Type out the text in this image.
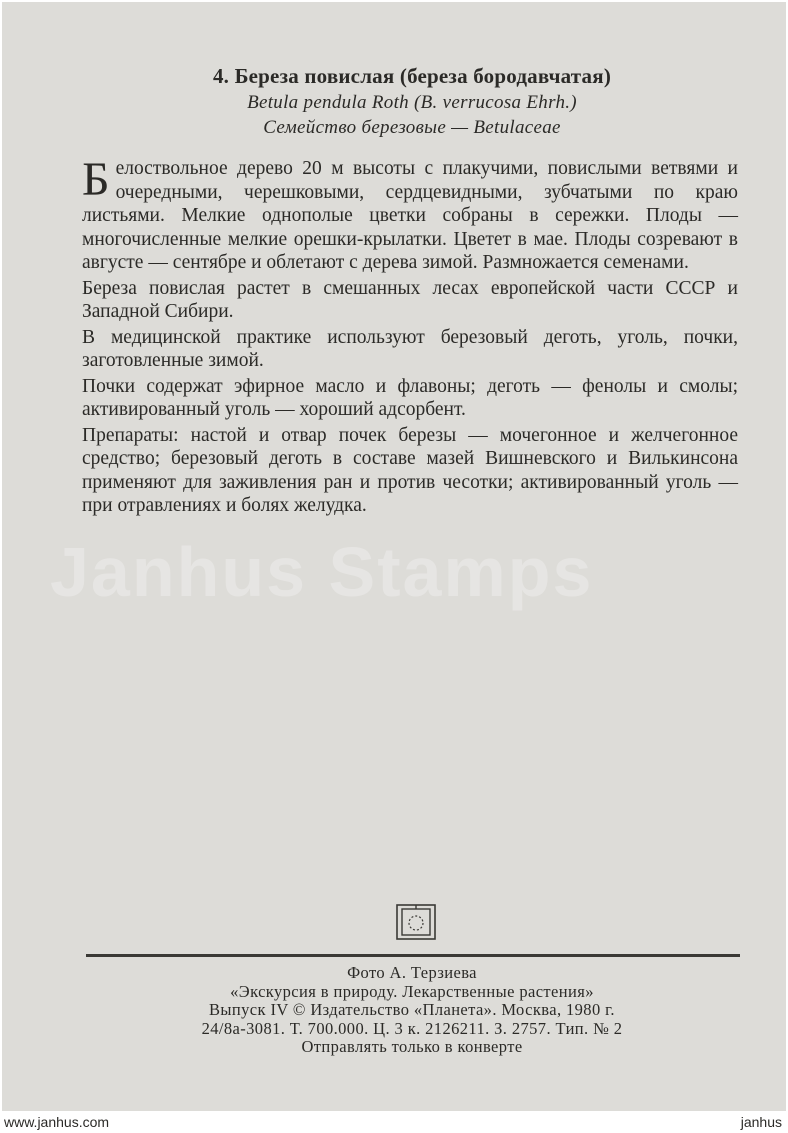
4. Береза повислая (береза бородавчатая)
Betula pendula Roth (B. verrucosa Ehrh.)
Семейство березовые — Betulaceae

Белоствольное дерево 20 м высоты с плакучими, повислыми ветвями и очередными, черешковыми, сердцевидными, зубчатыми по краю листьями. Мелкие однополые цветки собраны в сережки. Плоды — многочисленные мелкие орешки-крылатки. Цветет в мае. Плоды созревают в августе — сентябре и облетают с дерева зимой. Размножается семенами.

Береза повислая растет в смешанных лесах европейской части СССР и Западной Сибири.

В медицинской практике используют березовый деготь, уголь, почки, заготовленные зимой.

Почки содержат эфирное масло и флавоны; деготь — фенолы и смолы; активированный уголь — хороший адсорбент.

Препараты: настой и отвар почек березы — мочегонное и желчегонное средство; березовый деготь в составе мазей Вишневского и Вилькинсона применяют для заживления ран и против чесотки; активированный уголь — при отравлениях и болях желудка.

Janhus Stamps
Фото А. Терзиева
«Экскурсия в природу. Лекарственные растения»
Выпуск IV © Издательство «Планета». Москва, 1980 г.
24/8а-3081. Т. 700.000. Ц. 3 к. 2126211. З. 2757. Тип. № 2
Отправлять только в конверте
www.janhus.com	janhus
